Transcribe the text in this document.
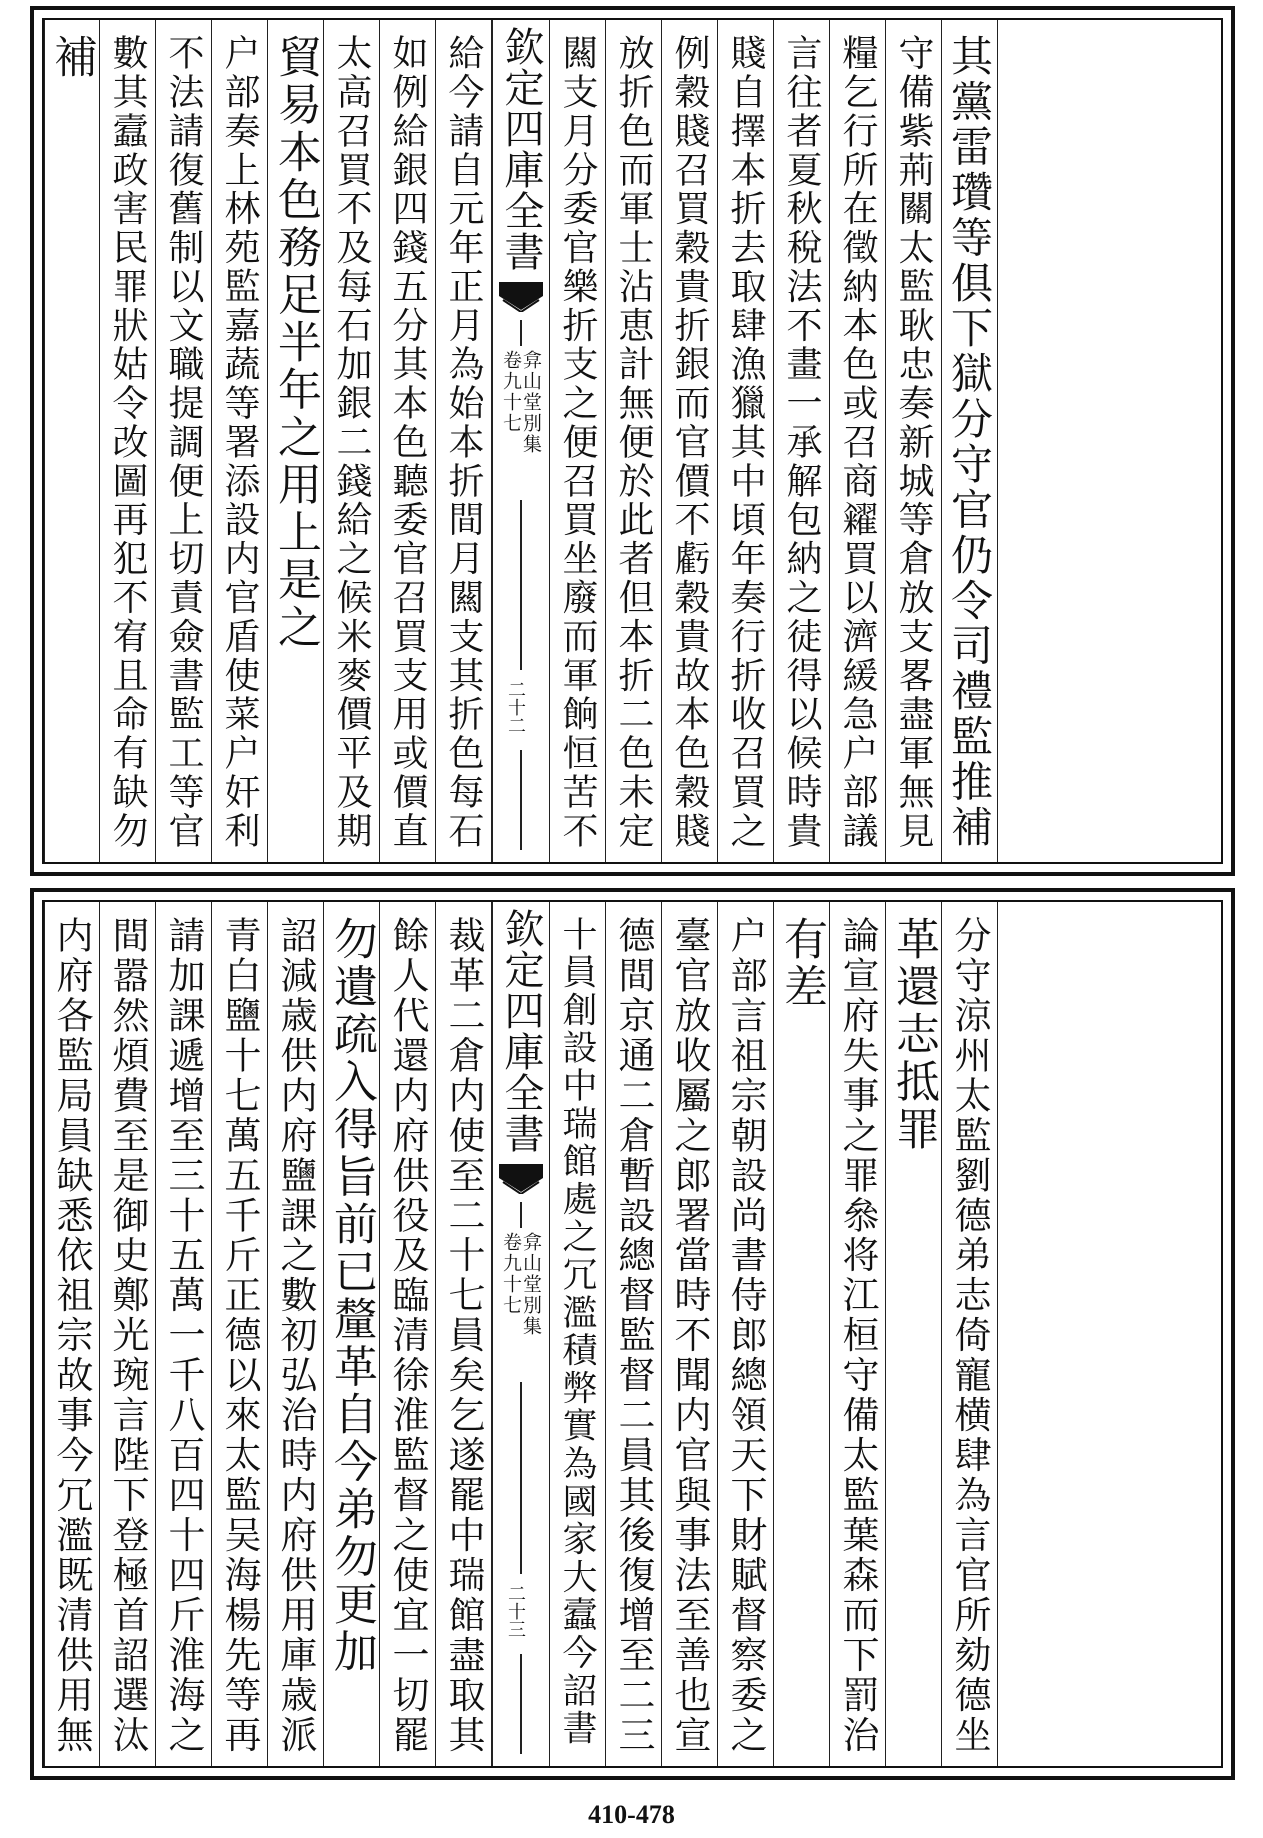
補 數其蠧政害民罪狀姑令改圖再犯不宥且命有缺勿 不法請復舊制以文職提調便上切責僉書監工等官 户部奏上林苑監嘉蔬等署添設内官盾使菜户奸利 貿易本色務足半年之用上是之 太高召買不及每石加銀二錢給之候米麥價平及期 如例給銀四錢五分其本色聽委官召買支用或價直 給今請自元年正月為始本折間月闗支其折色每石 欽定四庫全書
弇山堂別集
卷九十七
二十二 闗支月分委官樂折支之便召買坐廢而軍餉恒苦不 放折色而軍士沾恵計無便於此者但本折二色未定 例穀賤召買穀貴折銀而官價不虧穀貴故本色穀賤 賤自擇本折去取肆漁獵其中頃年奏行折收召買之 言往者夏秋稅法不畫一承解包納之徒得以候時貴 糧乞行所在徵納本色或召商糴買以濟緩急户部議 守備紫荊關太監耿忠奏新城等倉放支畧盡軍無見 其黨雷瓚等俱下獄分守官仍令司禮監推補
内府各監局員缺悉依祖宗故事今冗濫既清供用無 間嚣然煩費至是御史鄭光琬言陛下登極首詔選汰 請加課遞增至三十五萬一千八百四十四斤淮海之 青白鹽十七萬五千斤正德以來太監吴海楊先等再 詔減歳供内府鹽課之數初弘治時内府供用庫歳派 勿遺疏入得旨前已釐革自今弟勿更加 餘人代還内府供役及臨清徐淮監督之使宜一切罷 裁革二倉内使至二十七員矣乞遂罷中瑞館盡取其 欽定四庫全書
弇山堂別集
卷九十七
二十三 十員創設中瑞館處之冗濫積弊實為國家大蠧今詔書 德間京通二倉暫設總督監督二員其後復增至二三 臺官放收屬之郎署當時不聞内官與事法至善也宣 户部言祖宗朝設尚書侍郎總領天下財賦督察委之 有差 論宣府失事之罪叅将江桓守備太監葉森而下罰治 革還志抵罪 分守涼州太監劉德弟志倚寵横肆為言官所劾德坐
410-478
